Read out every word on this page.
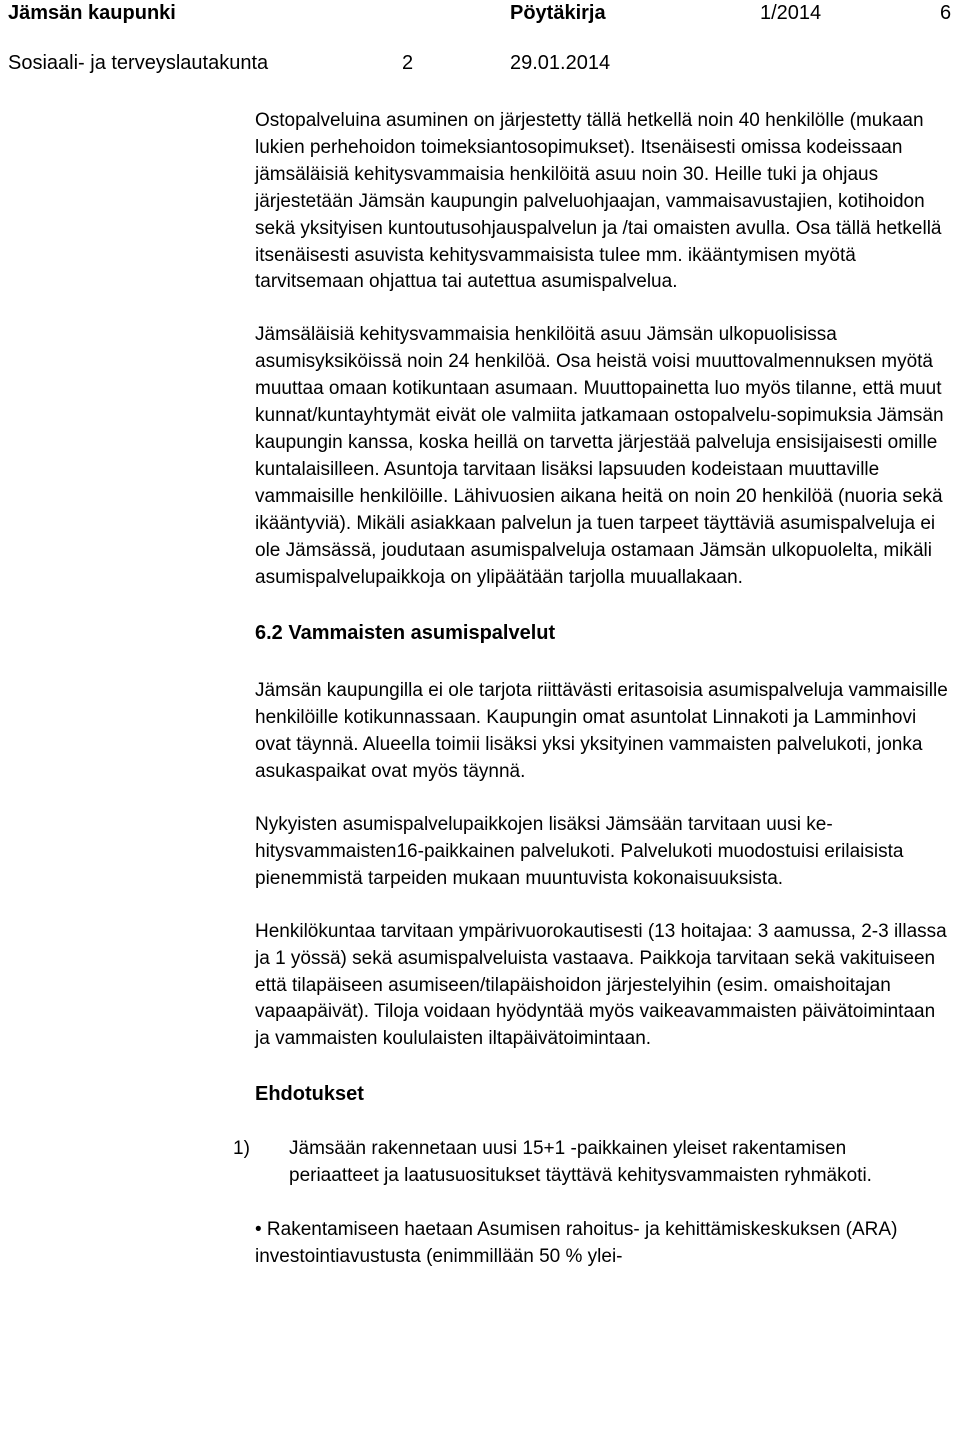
Jämsän kaupunki	Pöytäkirja	1/2014	6
Sosiaali- ja terveyslautakunta	2	29.01.2014

Ostopalveluina asuminen on järjestetty tällä hetkellä noin 40 henkilölle (mukaan lukien perhehoidon toimeksiantosopimukset). Itsenäisesti omissa kodeissaan jämsäläisiä kehitysvammaisia henkilöitä asuu noin 30. Heille tuki ja ohjaus järjestetään Jämsän kaupungin palveluohjaajan, vammaisavustajien, kotihoidon sekä yksityisen kuntoutusohjauspalvelun ja /tai omaisten avulla. Osa tällä hetkellä itsenäisesti asuvista kehitysvammaisista tulee mm. ikääntymisen myötä tarvitsemaan ohjattua tai autettua asumispalvelua.

Jämsäläisiä kehitysvammaisia henkilöitä asuu Jämsän ulkopuolisissa asumisyksiköissä noin 24 henkilöä. Osa heistä voisi muuttovalmennuksen myötä muuttaa omaan kotikuntaan asumaan. Muuttopainetta luo myös tilanne, että muut kunnat/kuntayhtymät eivät ole valmiita jatkamaan ostopalvelu-sopimuksia Jämsän kaupungin kanssa, koska heillä on tarvetta järjestää palveluja ensisijaisesti omille kuntalaisilleen. Asuntoja tarvitaan lisäksi lapsuuden kodeistaan muuttaville vammaisille henkilöille. Lähivuosien aikana heitä on noin 20 henkilöä (nuoria sekä ikääntyviä). Mikäli asiakkaan palvelun ja tuen tarpeet täyttäviä asumispalveluja ei ole Jämsässä, joudutaan asumispalveluja ostamaan Jämsän ulkopuolelta, mikäli asumispalvelupaikkoja on ylipäätään tarjolla muuallakaan.

6.2 Vammaisten asumispalvelut

Jämsän kaupungilla ei ole tarjota riittävästi eritasoisia asumispalveluja vammaisille henkilöille kotikunnassaan. Kaupungin omat asuntolat Linnakoti ja Lamminhovi ovat täynnä. Alueella toimii lisäksi yksi yksityinen vammaisten palvelukoti, jonka asukaspaikat ovat myös täynnä.

Nykyisten asumispalvelupaikkojen lisäksi Jämsään tarvitaan uusi kehitysvammaisten16-paikkainen palvelukoti. Palvelukoti muodostuisi erilaisista pienemmistä tarpeiden mukaan muuntuvista kokonaisuuksista.

Henkilökuntaa tarvitaan ympärivuorokautisesti (13 hoitajaa: 3 aamussa, 2-3 illassa ja 1 yössä) sekä asumispalveluista vastaava. Paikkoja tarvitaan sekä vakituiseen että tilapäiseen asumiseen/tilapäishoidon järjestelyihin (esim. omaishoitajan vapaapäivät). Tiloja voidaan hyödyntää myös vaikeavammaisten päivätoimintaan ja vammaisten koululaisten iltapäivätoimintaan.

Ehdotukset

1)	Jämsään rakennetaan uusi 15+1 -paikkainen yleiset rakentamisen periaatteet ja laatusuositukset täyttävä kehitysvammaisten ryhmäkoti.

• Rakentamiseen haetaan Asumisen rahoitus- ja kehittämiskeskuksen (ARA) investointiavustusta (enimmillään 50 % ylei-
